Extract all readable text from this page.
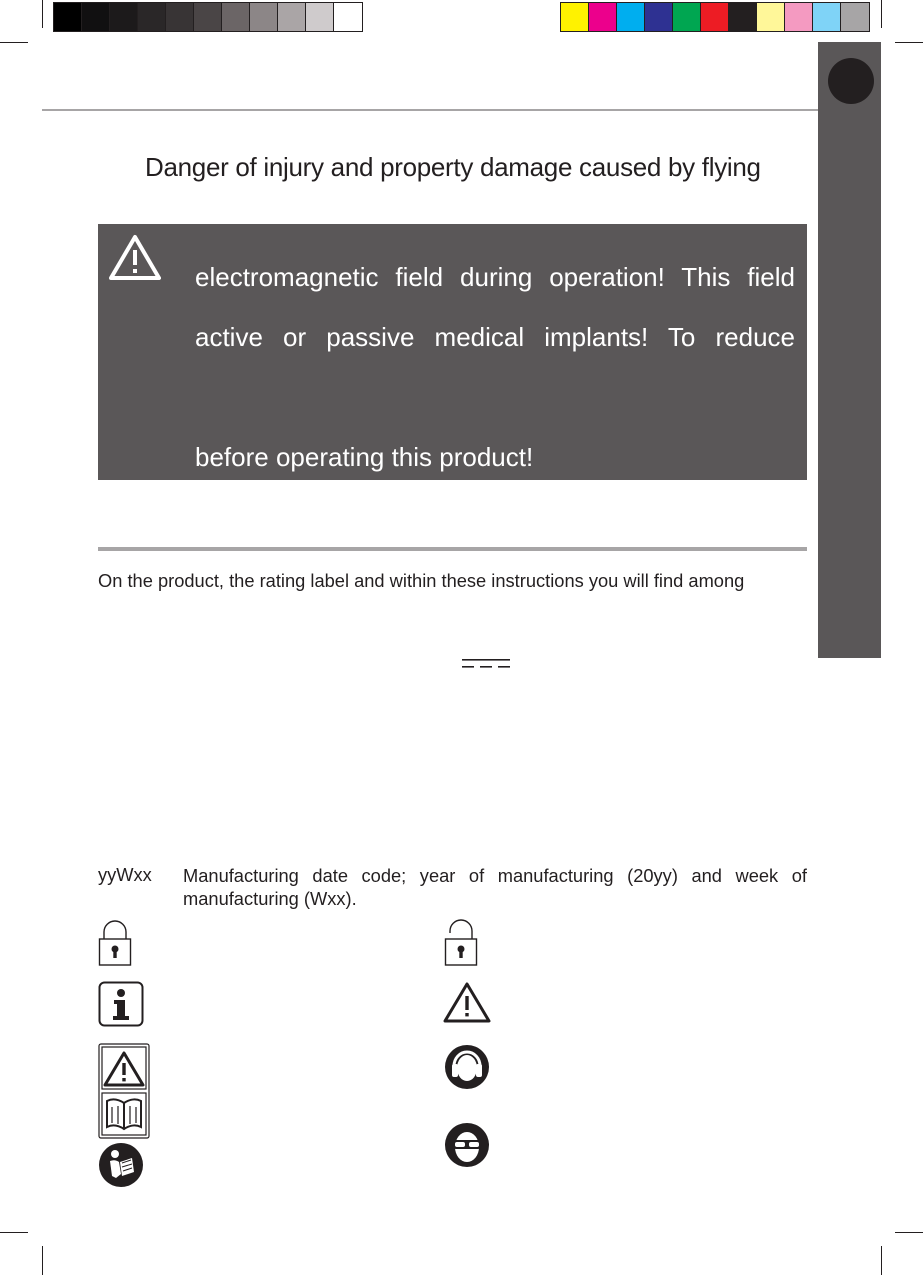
Danger of injury and property damage caused by flying
electromagnetic field during operation! This field
active or passive medical implants! To reduce
before operating this product!
On the product, the rating label and within these instructions you will find among
yyWxx Manufacturing date code; year of manufacturing (20yy) and week of
manufacturing (Wxx).
